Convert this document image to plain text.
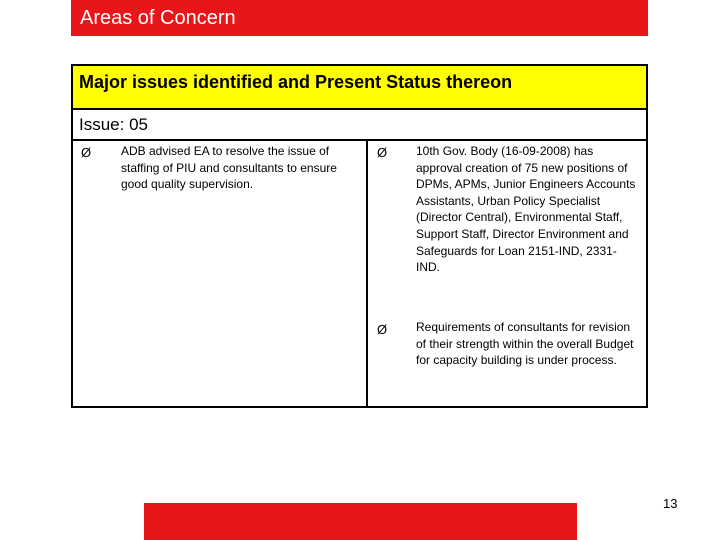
Areas of Concern
Major issues identified and Present Status thereon
Issue: 05
Ø ADB advised EA to resolve the issue of staffing of PIU and consultants to ensure good quality supervision.
Ø 10th Gov. Body (16-09-2008) has approval creation of 75 new positions of DPMs, APMs, Junior Engineers Accounts Assistants, Urban Policy Specialist (Director Central), Environmental Staff, Support Staff, Director Environment and Safeguards for Loan 2151-IND, 2331-IND.
Ø Requirements of consultants for revision of their strength within the overall Budget for capacity building is under process.
13
